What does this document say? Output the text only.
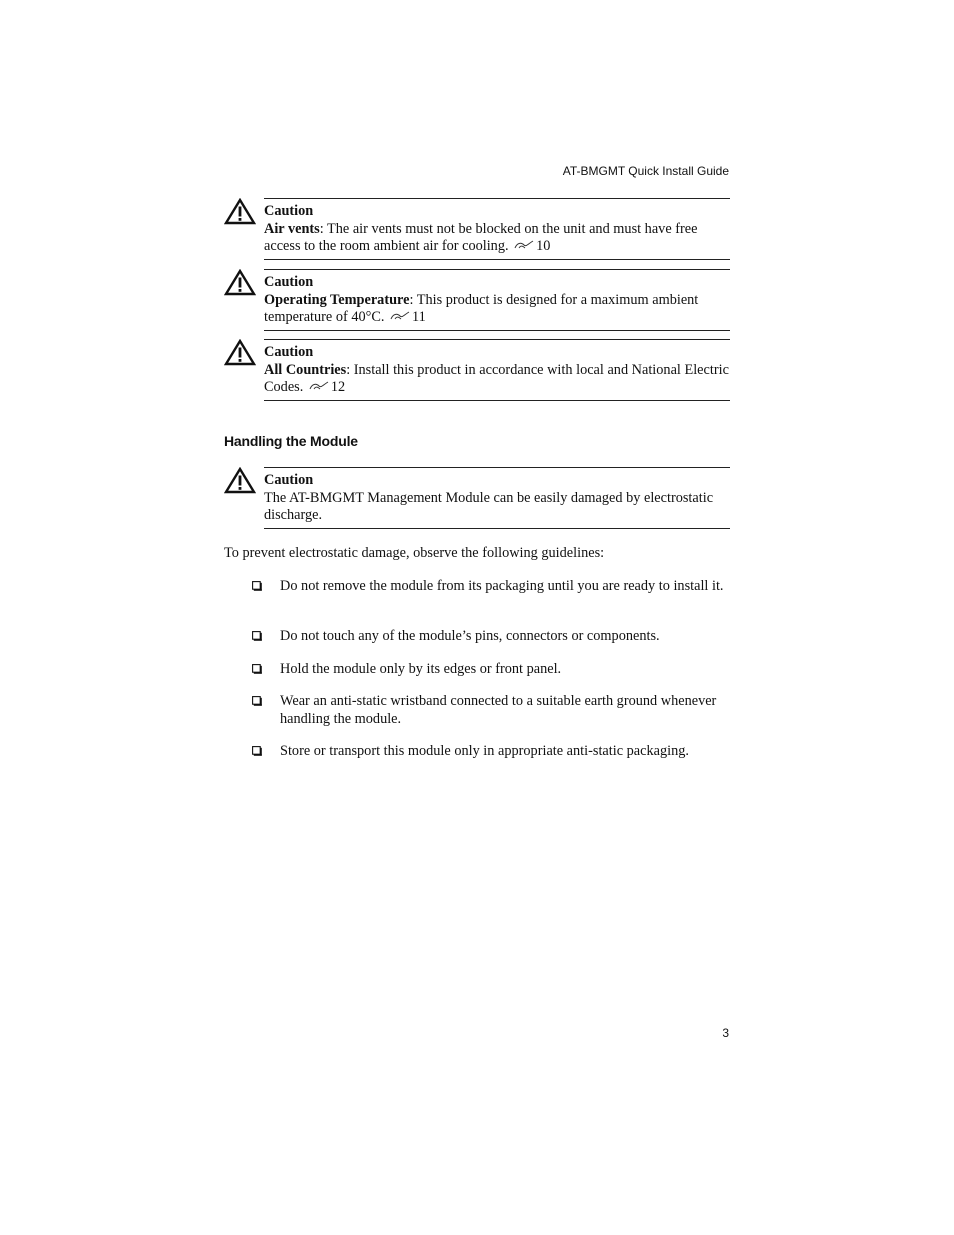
AT-BMGMT Quick Install Guide
Caution
Air vents: The air vents must not be blocked on the unit and must have free access to the room ambient air for cooling. 10
Caution
Operating Temperature: This product is designed for a maximum ambient temperature of 40°C. 11
Caution
All Countries: Install this product in accordance with local and National Electric Codes. 12
Handling the Module
Caution
The AT-BMGMT Management Module can be easily damaged by electrostatic discharge.

To prevent electrostatic damage, observe the following guidelines:

Do not remove the module from its packaging until you are ready to install it.
Do not touch any of the module’s pins, connectors or components.
Hold the module only by its edges or front panel.
Wear an anti-static wristband connected to a suitable earth ground whenever handling the module.
Store or transport this module only in appropriate anti-static packaging.
3
